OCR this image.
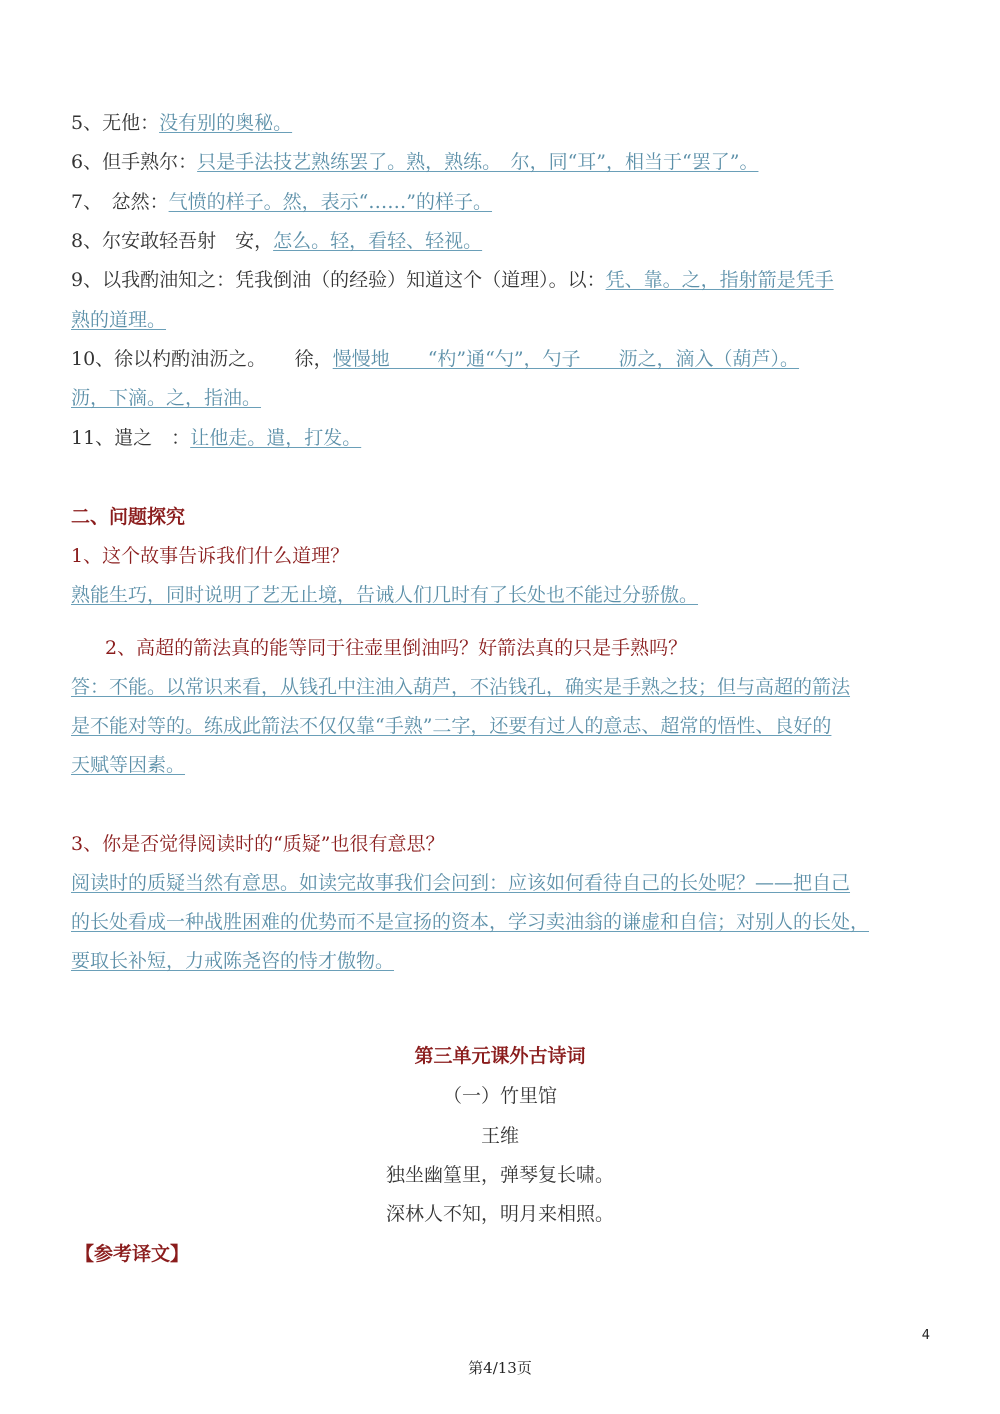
5、无他：没有别的奥秘。
6、但手熟尔：只是手法技艺熟练罢了。熟，熟练。　尔，同“耳”，相当于“罢了”。
7、　忿然：气愤的样子。然，表示“……”的样子。
8、尔安敢轻吾射　安，怎么。轻，看轻、轻视。
9、以我酌油知之：凭我倒油（的经验）知道这个（道理）。以：凭、靠。之，指射箭是凭手
熟的道理。
10、徐以杓酌油沥之。　　徐，慢慢地　　“杓”通“勺”，勺子　　沥之，滴入（葫芦）。
沥，下滴。之，指油。
11、遣之　：让他走。遣，打发。
二、问题探究
1、这个故事告诉我们什么道理？
熟能生巧，同时说明了艺无止境，告诫人们几时有了长处也不能过分骄傲。
2、高超的箭法真的能等同于往壶里倒油吗？好箭法真的只是手熟吗？
答：不能。以常识来看，从钱孔中注油入葫芦，不沾钱孔，确实是手熟之技；但与高超的箭法
是不能对等的。练成此箭法不仅仅靠“手熟”二字，还要有过人的意志、超常的悟性、良好的
天赋等因素。
3、你是否觉得阅读时的“质疑”也很有意思？
阅读时的质疑当然有意思。如读完故事我们会问到：应该如何看待自己的长处呢？——把自己
的长处看成一种战胜困难的优势而不是宣扬的资本，学习卖油翁的谦虚和自信；对别人的长处，
要取长补短，力戒陈尧咨的恃才傲物。
第三单元课外古诗词
（一）竹里馆
王维
独坐幽篁里，弹琴复长啸。
深林人不知，明月来相照。
【参考译文】
4
第4/13页
